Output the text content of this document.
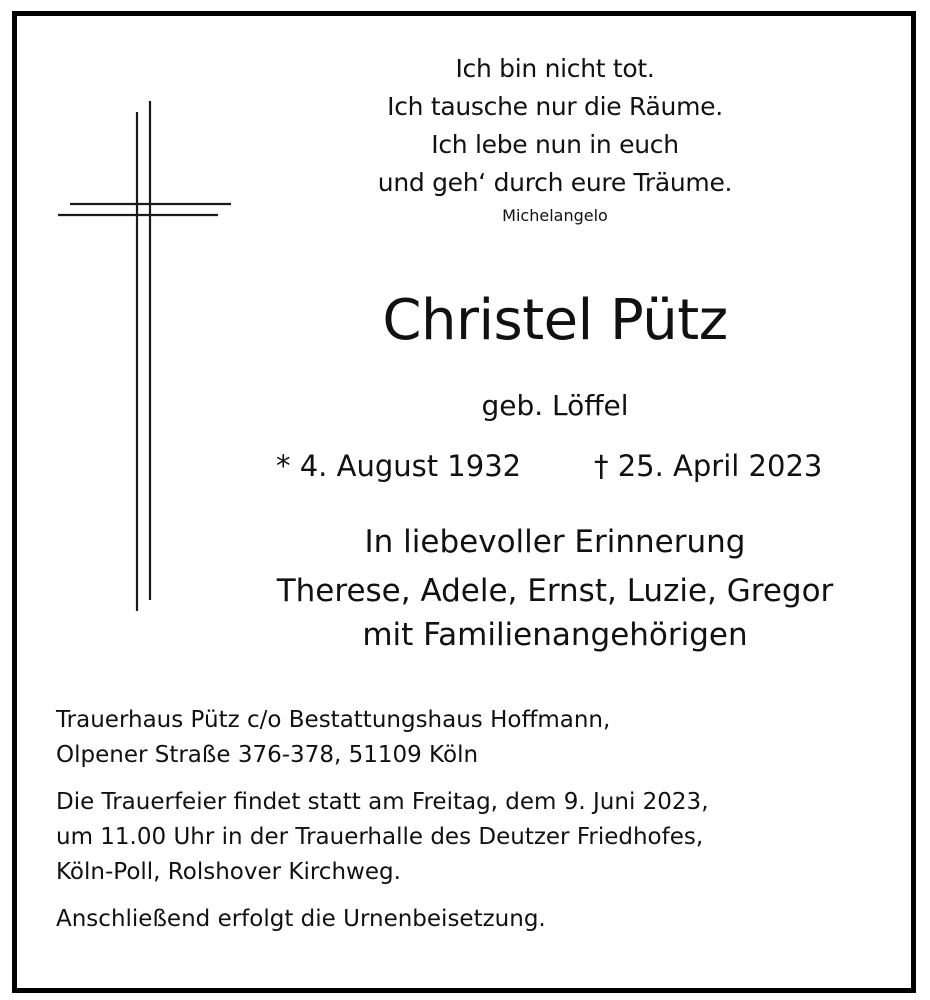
Ich bin nicht tot.
Ich tausche nur die Räume.
Ich lebe nun in euch
und geh‘ durch eure Träume.
Michelangelo
Christel Pütz
geb. Löffel
* 4. August 1932	† 25. April 2023
In liebevoller Erinnerung
Therese, Adele, Ernst, Luzie, Gregor
mit Familienangehörigen
Trauerhaus Pütz c/o Bestattungshaus Hoffmann,
Olpener Straße 376-378, 51109 Köln
Die Trauerfeier findet statt am Freitag, dem 9. Juni 2023,
um 11.00 Uhr in der Trauerhalle des Deutzer Friedhofes,
Köln-Poll, Rolshover Kirchweg.
Anschließend erfolgt die Urnenbeisetzung.
